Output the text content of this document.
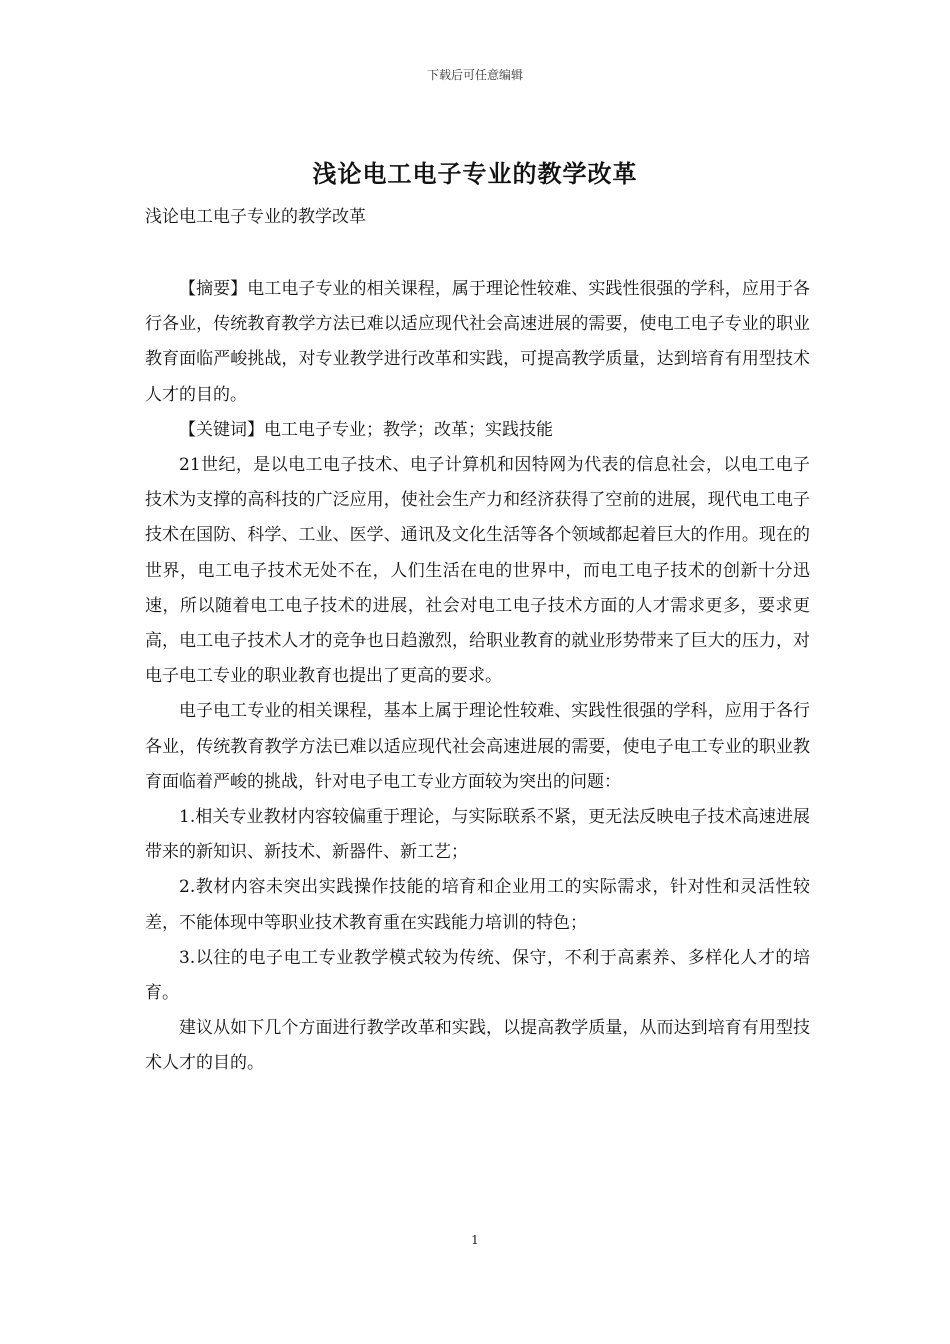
下载后可任意编辑
浅论电工电子专业的教学改革
浅论电工电子专业的教学改革

【摘要】电工电子专业的相关课程，属于理论性较难、实践性很强的学科，应用于各行各业，传统教育教学方法已难以适应现代社会高速进展的需要，使电工电子专业的职业教育面临严峻挑战，对专业教学进行改革和实践，可提高教学质量，达到培育有用型技术人才的目的。

【关键词】电工电子专业；教学；改革；实践技能

21世纪，是以电工电子技术、电子计算机和因特网为代表的信息社会，以电工电子技术为支撑的高科技的广泛应用，使社会生产力和经济获得了空前的进展，现代电工电子技术在国防、科学、工业、医学、通讯及文化生活等各个领域都起着巨大的作用。现在的世界，电工电子技术无处不在，人们生活在电的世界中，而电工电子技术的创新十分迅速，所以随着电工电子技术的进展，社会对电工电子技术方面的人才需求更多，要求更高，电工电子技术人才的竞争也日趋激烈，给职业教育的就业形势带来了巨大的压力，对电子电工专业的职业教育也提出了更高的要求。

电子电工专业的相关课程，基本上属于理论性较难、实践性很强的学科，应用于各行各业，传统教育教学方法已难以适应现代社会高速进展的需要，使电子电工专业的职业教育面临着严峻的挑战，针对电子电工专业方面较为突出的问题：

1.相关专业教材内容较偏重于理论，与实际联系不紧，更无法反映电子技术高速进展带来的新知识、新技术、新器件、新工艺；

2.教材内容未突出实践操作技能的培育和企业用工的实际需求，针对性和灵活性较差，不能体现中等职业技术教育重在实践能力培训的特色；

3.以往的电子电工专业教学模式较为传统、保守，不利于高素养、多样化人才的培育。

建议从如下几个方面进行教学改革和实践，以提高教学质量，从而达到培育有用型技术人才的目的。

1
